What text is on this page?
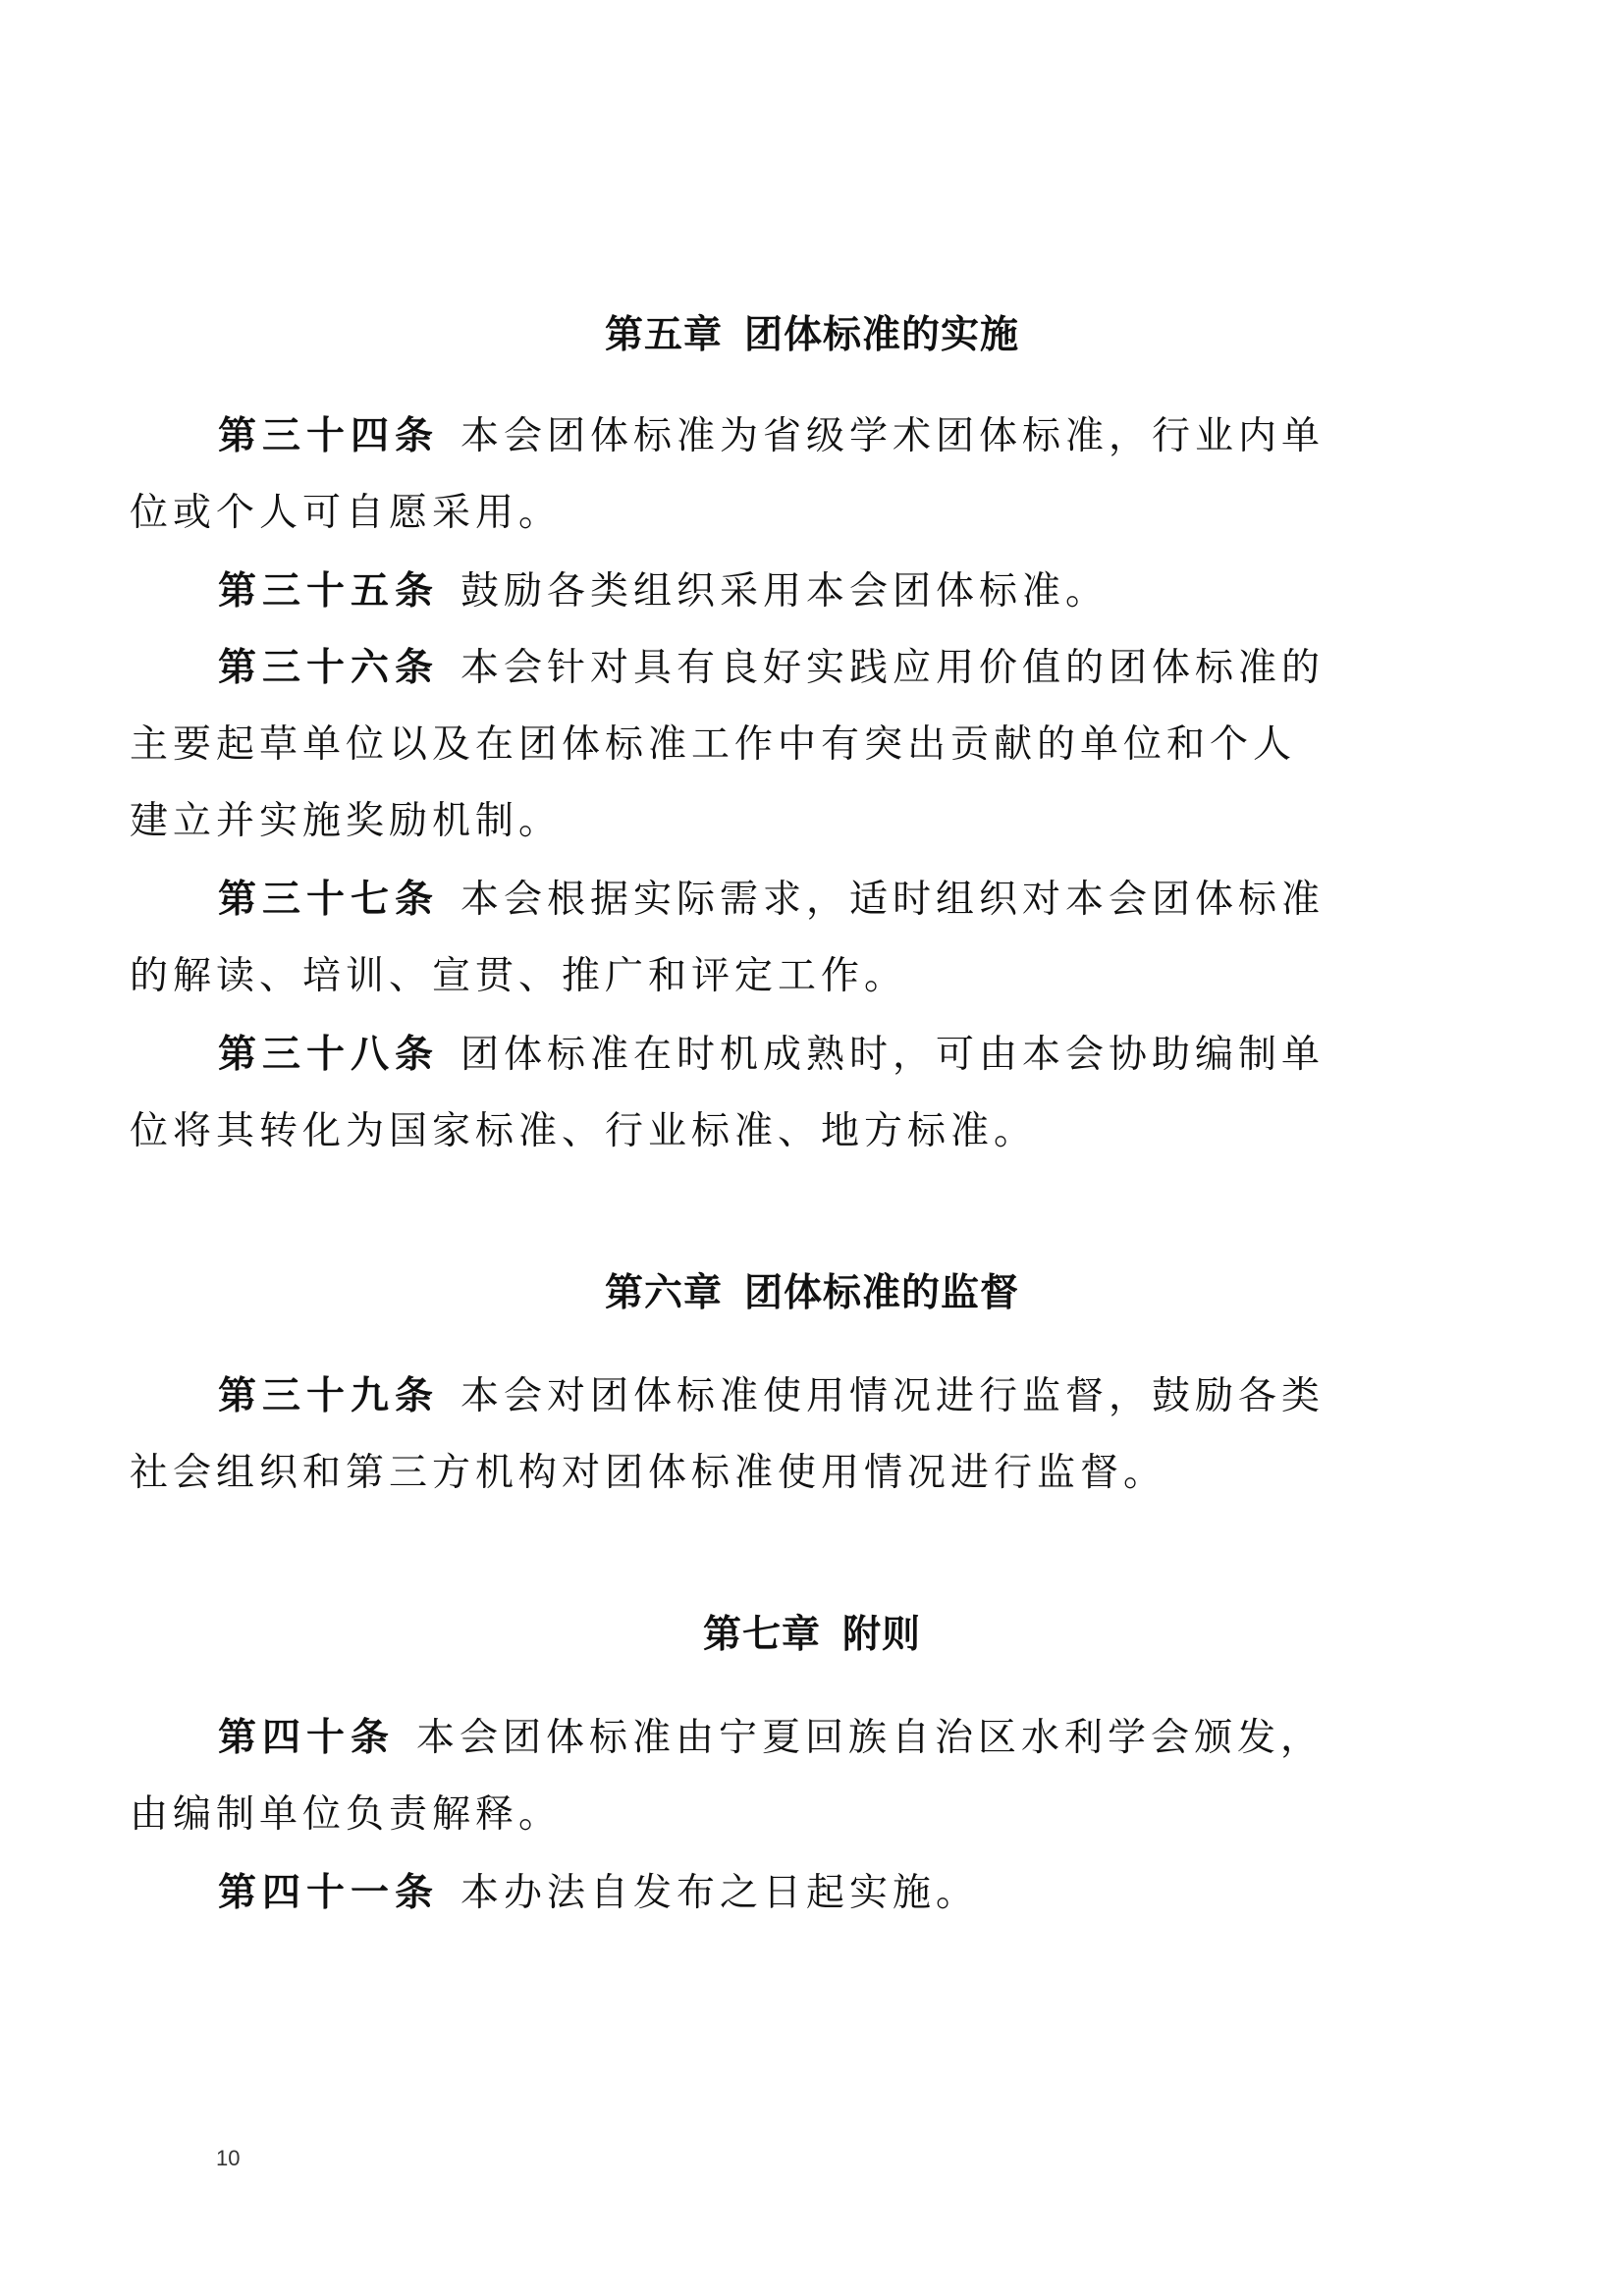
第五章 团体标准的实施

第三十四条 本会团体标准为省级学术团体标准，行业内单
位或个人可自愿采用。

第三十五条 鼓励各类组织采用本会团体标准。

第三十六条 本会针对具有良好实践应用价值的团体标准的
主要起草单位以及在团体标准工作中有突出贡献的单位和个人
建立并实施奖励机制。

第三十七条 本会根据实际需求，适时组织对本会团体标准
的解读、培训、宣贯、推广和评定工作。

第三十八条 团体标准在时机成熟时，可由本会协助编制单
位将其转化为国家标准、行业标准、地方标准。

第六章 团体标准的监督

第三十九条 本会对团体标准使用情况进行监督，鼓励各类
社会组织和第三方机构对团体标准使用情况进行监督。

第七章 附则

第四十条 本会团体标准由宁夏回族自治区水利学会颁发，
由编制单位负责解释。

第四十一条 本办法自发布之日起实施。

10
